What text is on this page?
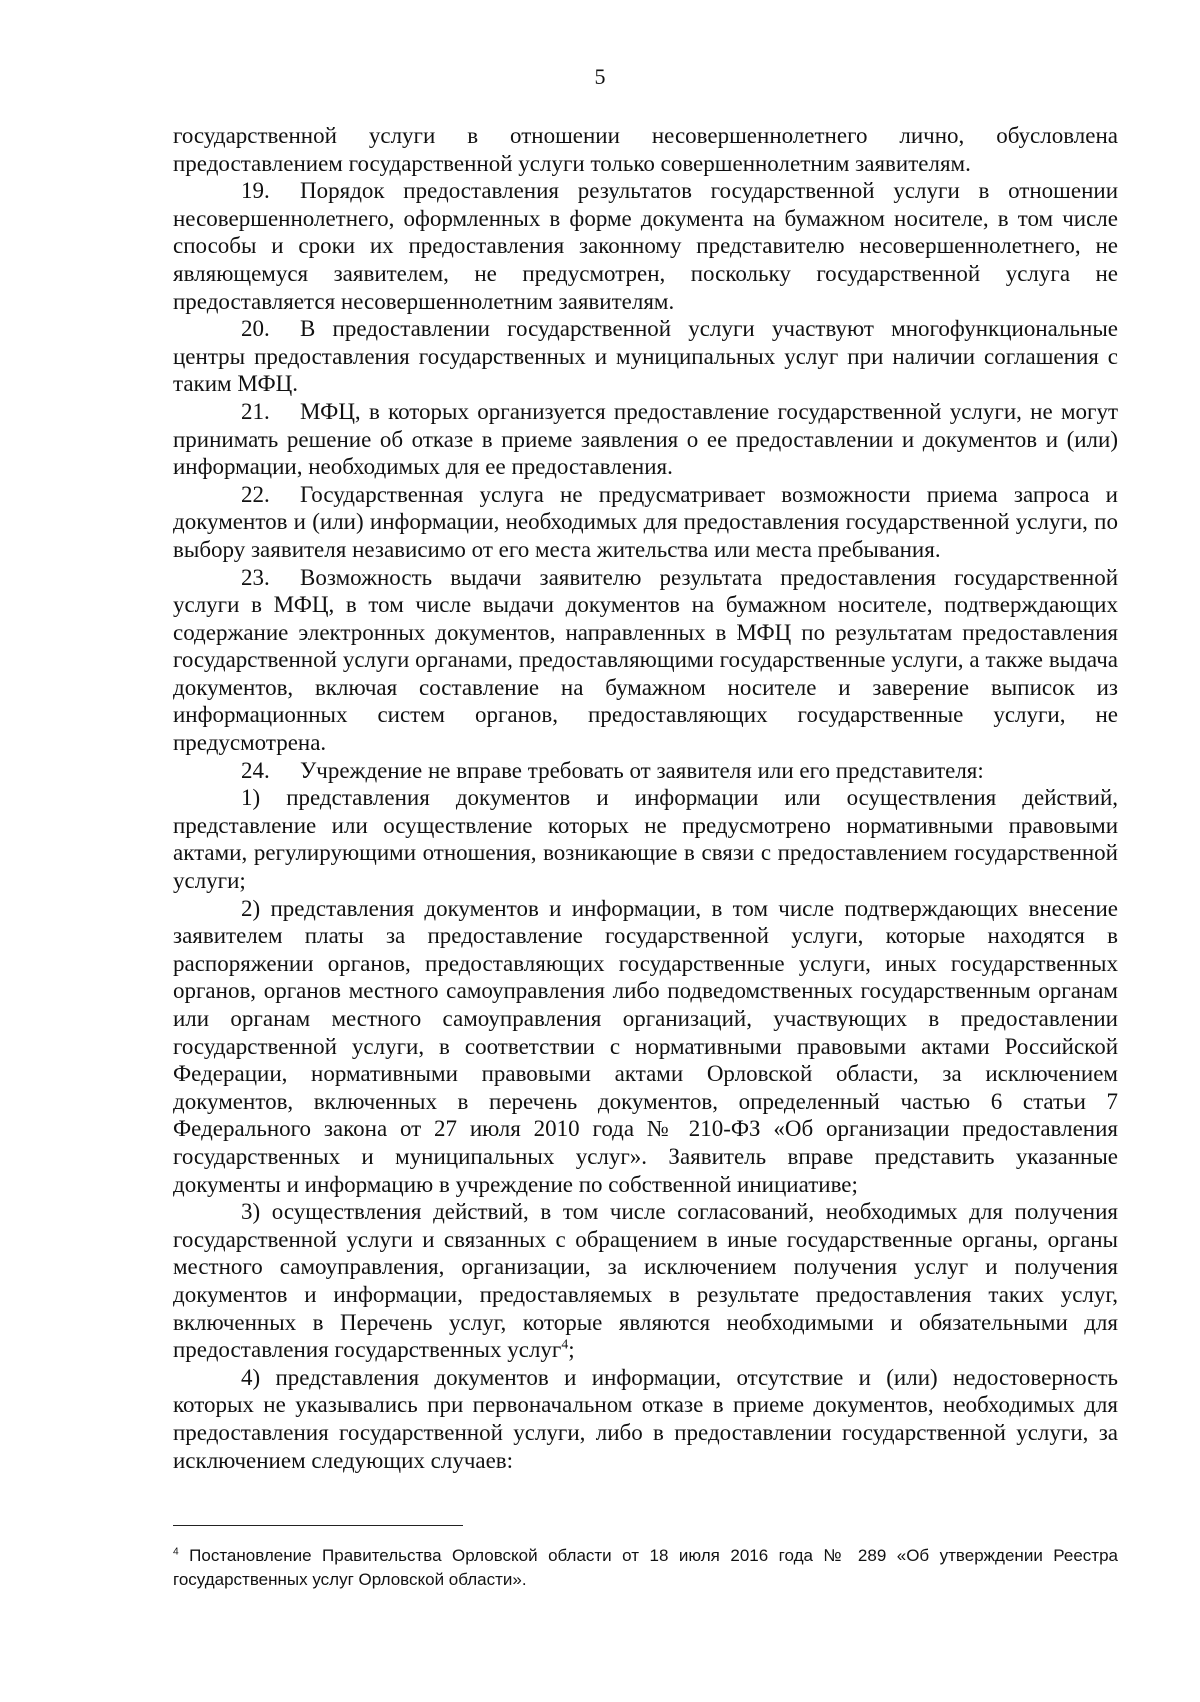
5

государственной услуги в отношении несовершеннолетнего лично, обусловлена предоставлением государственной услуги только совершеннолетним заявителям.

19. Порядок предоставления результатов государственной услуги в отношении несовершеннолетнего, оформленных в форме документа на бумажном носителе, в том числе способы и сроки их предоставления законному представителю несовершеннолетнего, не являющемуся заявителем, не предусмотрен, поскольку государственной услуга не предоставляется несовершеннолетним заявителям.

20. В предоставлении государственной услуги участвуют многофункциональные центры предоставления государственных и муниципальных услуг при наличии соглашения с таким МФЦ.

21. МФЦ, в которых организуется предоставление государственной услуги, не могут принимать решение об отказе в приеме заявления о ее предоставлении и документов и (или) информации, необходимых для ее предоставления.

22. Государственная услуга не предусматривает возможности приема запроса и документов и (или) информации, необходимых для предоставления государственной услуги, по выбору заявителя независимо от его места жительства или места пребывания.

23. Возможность выдачи заявителю результата предоставления государственной услуги в МФЦ, в том числе выдачи документов на бумажном носителе, подтверждающих содержание электронных документов, направленных в МФЦ по результатам предоставления государственной услуги органами, предоставляющими государственные услуги, а также выдача документов, включая составление на бумажном носителе и заверение выписок из информационных систем органов, предоставляющих государственные услуги, не предусмотрена.

24. Учреждение не вправе требовать от заявителя или его представителя:

1) представления документов и информации или осуществления действий, представление или осуществление которых не предусмотрено нормативными правовыми актами, регулирующими отношения, возникающие в связи с предоставлением государственной услуги;

2) представления документов и информации, в том числе подтверждающих внесение заявителем платы за предоставление государственной услуги, которые находятся в распоряжении органов, предоставляющих государственные услуги, иных государственных органов, органов местного самоуправления либо подведомственных государственным органам или органам местного самоуправления организаций, участвующих в предоставлении государственной услуги, в соответствии с нормативными правовыми актами Российской Федерации, нормативными правовыми актами Орловской области, за исключением документов, включенных в перечень документов, определенный частью 6 статьи 7 Федерального закона от 27 июля 2010 года № 210-ФЗ «Об организации предоставления государственных и муниципальных услуг». Заявитель вправе представить указанные документы и информацию в учреждение по собственной инициативе;

3) осуществления действий, в том числе согласований, необходимых для получения государственной услуги и связанных с обращением в иные государственные органы, органы местного самоуправления, организации, за исключением получения услуг и получения документов и информации, предоставляемых в результате предоставления таких услуг, включенных в Перечень услуг, которые являются необходимыми и обязательными для предоставления государственных услуг$^4$;

4) представления документов и информации, отсутствие и (или) недостоверность которых не указывались при первоначальном отказе в приеме документов, необходимых для предоставления государственной услуги, либо в предоставлении государственной услуги, за исключением следующих случаев:

$^4$ Постановление Правительства Орловской области от 18 июля 2016 года № 289 «Об утверждении Реестра государственных услуг Орловской области».
